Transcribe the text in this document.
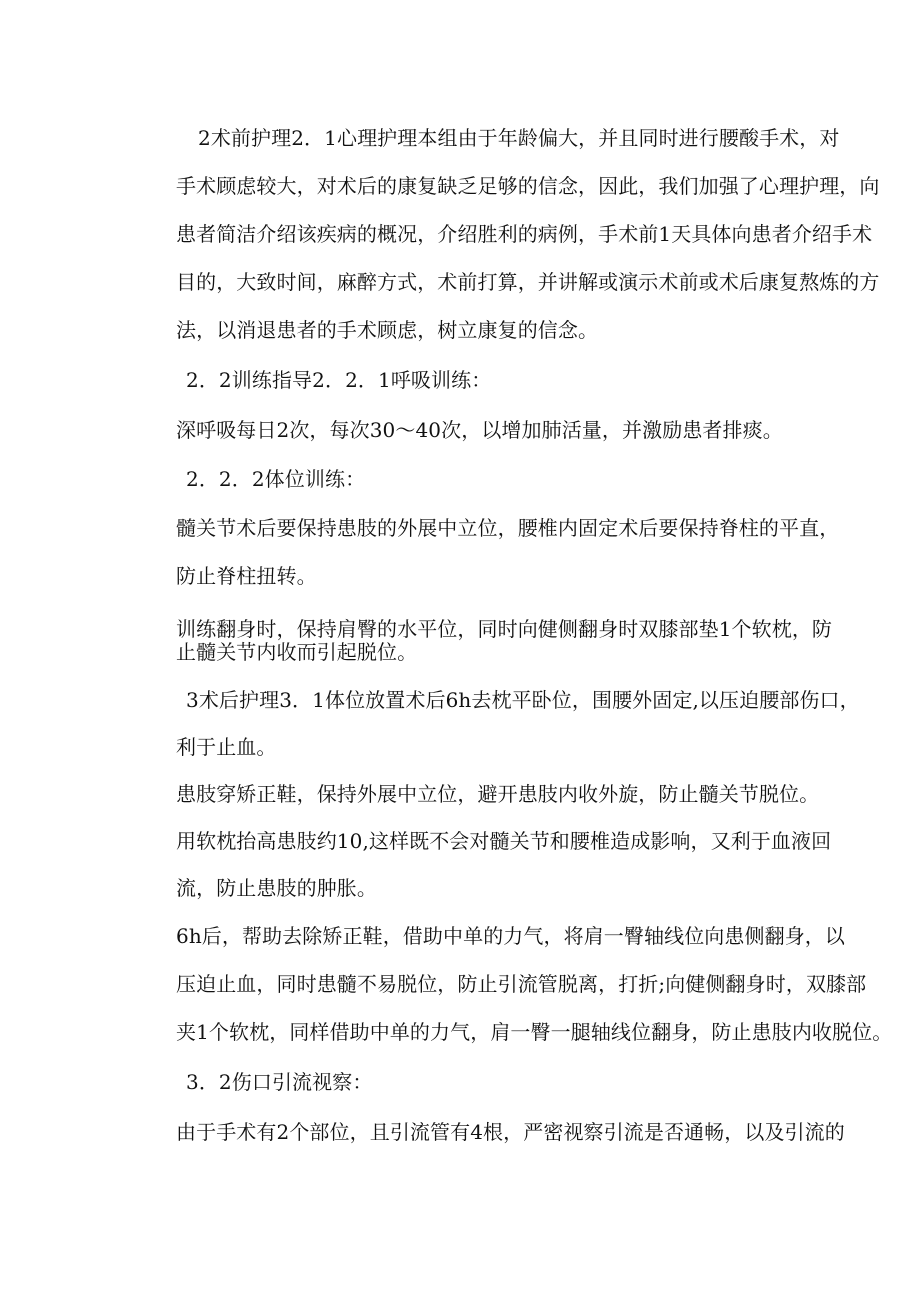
2术前护理2．1心理护理本组由于年龄偏大，并且同时进行腰酸手术，对
手术顾虑较大，对术后的康复缺乏足够的信念，因此，我们加强了心理护理，向
患者简洁介绍该疾病的概况，介绍胜利的病例，手术前1天具体向患者介绍手术
目的，大致时间，麻醉方式，术前打算，并讲解或演示术前或术后康复熬炼的方
法，以消退患者的手术顾虑，树立康复的信念。
2．2训练指导2．2．1呼吸训练：
深呼吸每日2次，每次30～40次，以增加肺活量，并激励患者排痰。
2．2．2体位训练：
髓关节术后要保持患肢的外展中立位，腰椎内固定术后要保持脊柱的平直，
防止脊柱扭转。
训练翻身时，保持肩臀的水平位，同时向健侧翻身时双膝部垫1个软枕，防
止髓关节内收而引起脱位。
3术后护理3．1体位放置术后6h去枕平卧位，围腰外固定,以压迫腰部伤口，
利于止血。
患肢穿矫正鞋，保持外展中立位，避开患肢内收外旋，防止髓关节脱位。
用软枕抬高患肢约10,这样既不会对髓关节和腰椎造成影响，又利于血液回
流，防止患肢的肿胀。
6h后，帮助去除矫正鞋，借助中单的力气，将肩一臀轴线位向患侧翻身，以
压迫止血，同时患髓不易脱位，防止引流管脱离，打折;向健侧翻身时，双膝部
夹1个软枕，同样借助中单的力气，肩一臀一腿轴线位翻身，防止患肢内收脱位。
3．2伤口引流视察：
由于手术有2个部位，且引流管有4根，严密视察引流是否通畅，以及引流的
